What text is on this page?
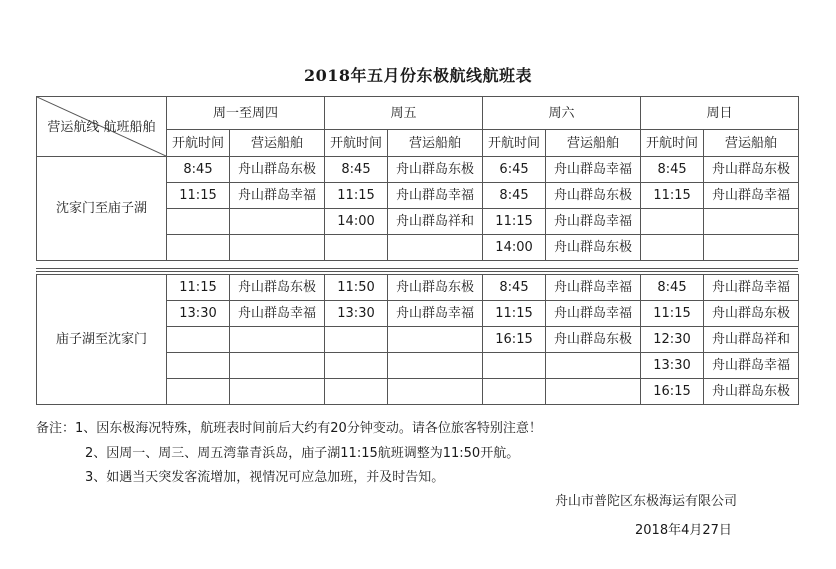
2018年五月份东极航线航班表
营运航线 航班船舶	周一至周四		周五		周六		周日	
	开航时间	营运船舶	开航时间	营运船舶	开航时间	营运船舶	开航时间	营运船舶
沈家门至庙子湖	8:45	舟山群岛东极	8:45	舟山群岛东极	6:45	舟山群岛幸福	8:45	舟山群岛东极
	11:15	舟山群岛幸福	11:15	舟山群岛幸福	8:45	舟山群岛东极	11:15	舟山群岛幸福
			14:00	舟山群岛祥和	11:15	舟山群岛幸福		
					14:00	舟山群岛东极		
庙子湖至沈家门	11:15	舟山群岛东极	11:50	舟山群岛东极	8:45	舟山群岛幸福	8:45	舟山群岛幸福
	13:30	舟山群岛幸福	13:30	舟山群岛幸福	11:15	舟山群岛幸福	11:15	舟山群岛东极
					16:15	舟山群岛东极	12:30	舟山群岛祥和
							13:30	舟山群岛幸福
							16:15	舟山群岛东极
备注：1、因东极海况特殊，航班表时间前后大约有20分钟变动。请各位旅客特别注意！
2、因周一、周三、周五湾靠青浜岛，庙子湖11:15航班调整为11:50开航。
3、如遇当天突发客流增加，视情况可应急加班，并及时告知。
舟山市普陀区东极海运有限公司
2018年4月27日
